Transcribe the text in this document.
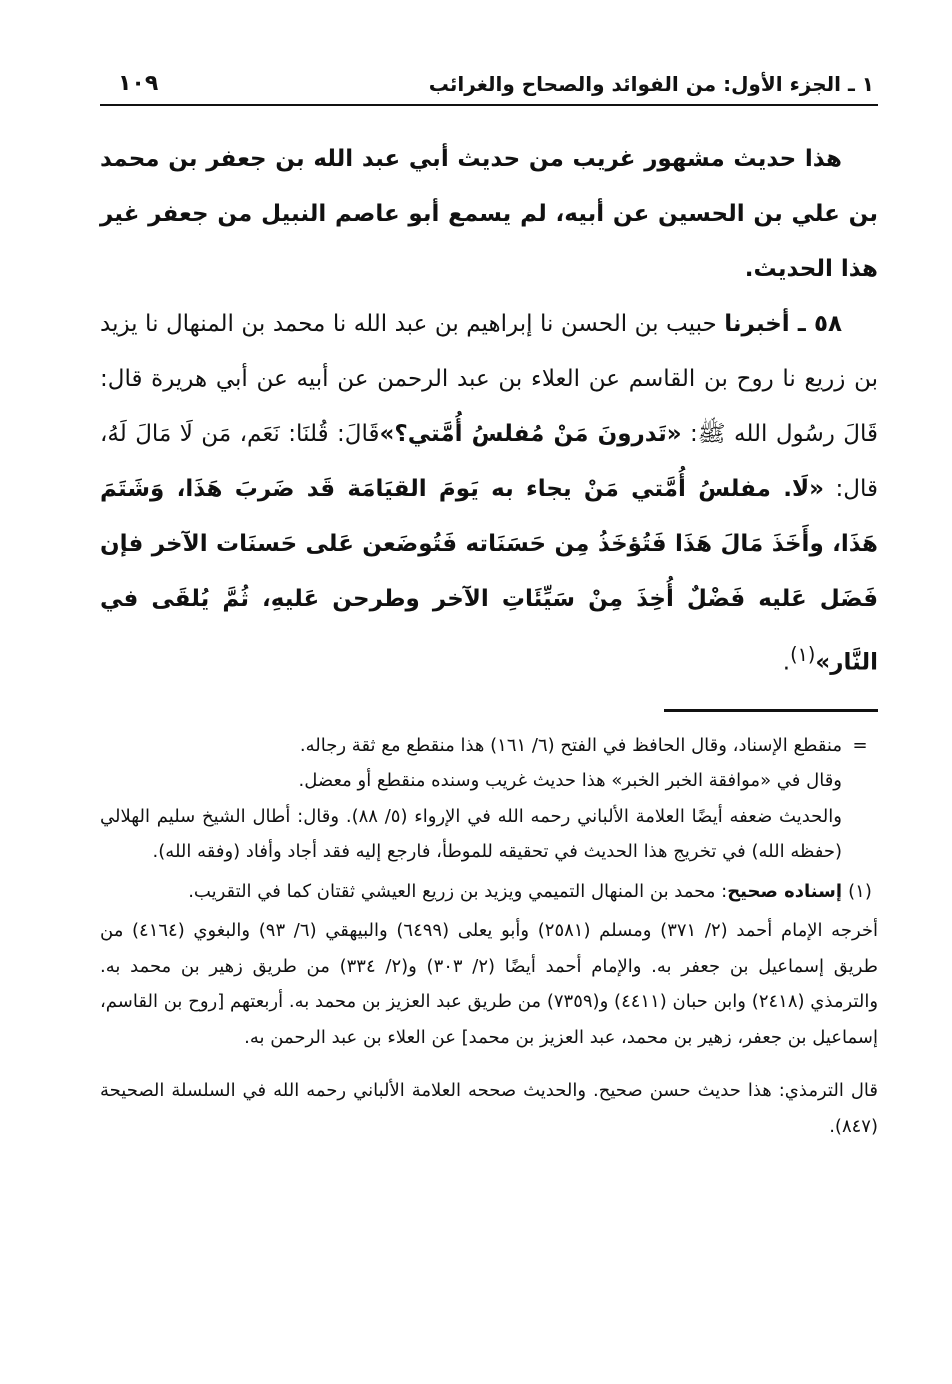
١ ـ الجزء الأول: من الفوائد والصحاح والغرائب
١٠٩

هذا حديث مشهور غريب من حديث أبي عبد الله بن جعفر بن محمد بن علي بن الحسين عن أبيه، لم يسمع أبو عاصم النبيل من جعفر غير هذا الحديث.

٥٨ ـ أخبرنا حبيب بن الحسن نا إبراهيم بن عبد الله نا محمد بن المنهال نا يزيد بن زريع نا روح بن القاسم عن العلاء بن عبد الرحمن عن أبيه عن أبي هريرة قال: قَالَ رسُول الله ﷺ: «تَدرونَ مَنْ مُفلسُ أُمَّتي؟»قَالَ: قُلنَا: نَعَم، مَن لَا مَالَ لَهُ، قال: «لَا. مفلسُ أُمَّتي مَنْ يجاء به يَومَ القيَامَة قَد ضَربَ هَذَا، وَشَتَمَ هَذَا، وأَخَذَ مَالَ هَذَا فَتُؤخَذُ مِن حَسَنَاته فَتُوضَعن عَلى حَسنَات الآخر فإن فَضَل عَليه فَضْلٌ أُخِذَ مِنْ سَيِّئَاتِ الآخر وطرحن عَليهِ، ثُمَّ يُلقَى في النَّار»$^{(١)}$.

=

منقطع الإسناد، وقال الحافظ في الفتح (٦/ ١٦١) هذا منقطع مع ثقة رجاله.

وقال في «موافقة الخبر الخبر» هذا حديث غريب وسنده منقطع أو معضل.

والحديث ضعفه أيضًا العلامة الألباني رحمه الله في الإرواء (٥/ ٨٨). وقال: أطال الشيخ سليم الهلالي (حفظه الله) في تخريج هذا الحديث في تحقيقه للموطأ، فارجع إليه فقد أجاد وأفاد (وفقه الله).

(١)

إسناده صحيح: محمد بن المنهال التميمي ويزيد بن زريع العيشي ثقتان كما في التقريب.

أخرجه الإمام أحمد (٢/ ٣٧١) ومسلم (٢٥٨١) وأبو يعلى (٦٤٩٩) والبيهقي (٦/ ٩٣) والبغوي (٤١٦٤) من طريق إسماعيل بن جعفر به. والإمام أحمد أيضًا (٢/ ٣٠٣) و(٢/ ٣٣٤) من طريق زهير بن محمد به. والترمذي (٢٤١٨) وابن حبان (٤٤١١) و(٧٣٥٩) من طريق عبد العزيز بن محمد به. أربعتهم [روح بن القاسم، إسماعيل بن جعفر، زهير بن محمد، عبد العزيز بن محمد] عن العلاء بن عبد الرحمن به.

قال الترمذي: هذا حديث حسن صحيح. والحديث صححه العلامة الألباني رحمه الله في السلسلة الصحيحة (٨٤٧).
